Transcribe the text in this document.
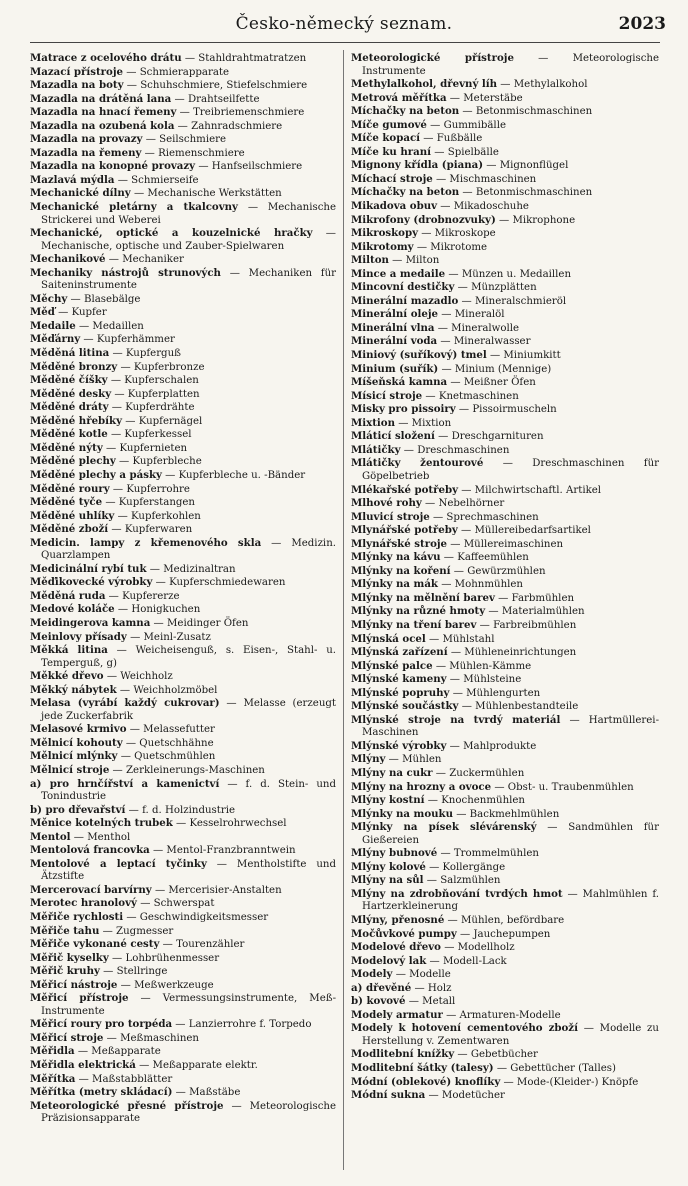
Česko-německý seznam.	2023
Matrace z ocelového drátu — Stahldrahtmatratzen
Mazací přístroje — Schmierapparate
Mazadla na boty — Schuhschmiere, Stiefelschmiere
Mazadla na drátěná lana — Drahtseilfette
Mazadla na hnací řemeny — Treibriemenschmiere
Mazadla na ozubená kola — Zahnradschmiere
Mazadla na provazy — Seilschmiere
Mazadla na řemeny — Riemenschmiere
Mazadla na konopné provazy — Hanfseilschmiere
Mazlavá mýdla — Schmierseife
Mechanické dílny — Mechanische Werkstätten
Mechanické pletárny a tkalcovny — Mechanische Strickerei und Weberei
Mechanické, optické a kouzelnické hračky — Mechanische, optische und Zauber-Spielwaren
Mechanikové — Mechaniker
Mechaniky nástrojů strunových — Mechaniken für Saiteninstrumente
Měchy — Blasebälge
Měď — Kupfer
Medaile — Medaillen
Měďárny — Kupferhämmer
Měděná litina — Kupferguß
Měděné bronzy — Kupferbronze
Měděné číšky — Kupferschalen
Měděné desky — Kupferplatten
Měděné dráty — Kupferdrähte
Měděné hřebíky — Kupfernägel
Měděné kotle — Kupferkessel
Měděné nýty — Kupfernieten
Měděné plechy — Kupferbleche
Měděné plechy a pásky — Kupferbleche u. -Bänder
Měděné roury — Kupferrohre
Měděné tyče — Kupferstangen
Měděné uhlíky — Kupferkohlen
Měděné zboží — Kupferwaren
Medicin. lampy z křemenového skla — Medizin. Quarzlampen
Medicinální rybí tuk — Medizinaltran
Měďikovecké výrobky — Kupferschmiedewaren
Měděná ruda — Kupfererze
Medové koláče — Honigkuchen
Meidingerova kamna — Meidinger Öfen
Meinlovy přísady — Meinl-Zusatz
Měkká litina — Weicheisenguß, s. Eisen-, Stahl- u. Temperguß, g)
Měkké dřevo — Weichholz
Měkký nábytek — Weichholzmöbel
Melasa (vyrábí každý cukrovar) — Melasse (erzeugt jede Zuckerfabrik
Melasové krmivo — Melassefutter
Mělnicí kohouty — Quetschhähne
Mělnicí mlýnky — Quetschmühlen
Mělnicí stroje — Zerkleinerungs-Maschinen
a) pro hrnčířství a kamenictví — f. d. Stein- und Tonindustrie
b) pro dřevařství — f. d. Holzindustrie
Měnice kotelných trubek — Kesselrohrwechsel
Mentol — Menthol
Mentolová francovka — Mentol-Franzbranntwein
Mentolové a leptací tyčinky — Mentholstifte und Ätzstifte
Mercerovací barvírny — Mercerisier-Anstalten
Merotec hranolový — Schwerspat
Měřiče rychlosti — Geschwindigkeitsmesser
Měřiče tahu — Zugmesser
Měřiče vykonané cesty — Tourenzähler
Měřič kyselky — Lohbrühenmesser
Měřič kruhy — Stellringe
Měřicí nástroje — Meßwerkzeuge
Měřicí přístroje — Vermessungsinstrumente, Meß-Instrumente
Měřicí roury pro torpéda — Lanzierrohre f. Torpedo
Měřicí stroje — Meßmaschinen
Měřidla — Meßapparate
Měřidla elektrická — Meßapparate elektr.
Měřítka — Maßstabblätter
Měřítka (metry skládací) — Maßstäbe
Meteorologické přesné přístroje — Meteorologische Präzisionsapparate
Meteorologické přístroje — Meteorologische Instrumente
Methylalkohol, dřevný líh — Methylalkohol
Metrová měřítka — Meterstäbe
Míchačky na beton — Betonmischmaschinen
Míče gumové — Gummibälle
Míče kopací — Fußbälle
Míče ku hraní — Spielbälle
Mignony křídla (piana) — Mignonflügel
Míchací stroje — Mischmaschinen
Míchačky na beton — Betonmischmaschinen
Mikadova obuv — Mikadoschuhe
Mikrofony (drobnozvuky) — Mikrophone
Mikroskopy — Mikroskope
Mikrotomy — Mikrotome
Milton — Milton
Mince a medaile — Münzen u. Medaillen
Mincovní destičky — Münzplätten
Minerální mazadlo — Mineralschmieröl
Minerální oleje — Mineralöl
Minerální vlna — Mineralwolle
Minerální voda — Mineralwasser
Miniový (suříkový) tmel — Miniumkitt
Minium (suřík) — Minium (Mennige)
Míšeňská kamna — Meißner Öfen
Mísicí stroje — Knetmaschinen
Misky pro pissoiry — Pissoirmuscheln
Mixtion — Mixtion
Mláticí složení — Dreschgarnituren
Mlátičky — Dreschmaschinen
Mlátičky žentourové — Dreschmaschinen für Göpelbetrieb
Mlékařské potřeby — Milchwirtschaftl. Artikel
Mlhové rohy — Nebelhörner
Mluvicí stroje — Sprechmaschinen
Mlynářské potřeby — Müllereibedarfsartikel
Mlynářské stroje — Müllereimaschinen
Mlýnky na kávu — Kaffeemühlen
Mlýnky na koření — Gewürzmühlen
Mlýnky na mák — Mohnmühlen
Mlýnky na mělnění barev — Farbmühlen
Mlýnky na různé hmoty — Materialmühlen
Mlýnky na tření barev — Farbreibmühlen
Mlýnská ocel — Mühlstahl
Mlýnská zařízení — Mühleneinrichtungen
Mlýnské palce — Mühlen-Kämme
Mlýnské kameny — Mühlsteine
Mlýnské popruhy — Mühlengurten
Mlýnské součástky — Mühlenbestandteile
Mlýnské stroje na tvrdý materiál — Hartmüllerei-Maschinen
Mlýnské výrobky — Mahlprodukte
Mlýny — Mühlen
Mlýny na cukr — Zuckermühlen
Mlýny na hrozny a ovoce — Obst- u. Traubenmühlen
Mlýny kostní — Knochenmühlen
Mlýnky na mouku — Backmehlmühlen
Mlýnky na písek slévárenský — Sandmühlen für Gießereien
Mlýny bubnové — Trommelmühlen
Mlýny kolové — Kollergänge
Mlýny na sůl — Salzmühlen
Mlýny na zdrobňování tvrdých hmot — Mahlmühlen f. Hartzerkleinerung
Mlýny, přenosné — Mühlen, befördbare
Močůvkové pumpy — Jauchepumpen
Modelové dřevo — Modellholz
Modelový lak — Modell-Lack
Modely — Modelle
a) dřevěné — Holz
b) kovové — Metall
Modely armatur — Armaturen-Modelle
Modely k hotovení cementového zboží — Modelle zu Herstellung v. Zementwaren
Modlitební knížky — Gebetbücher
Modlitební šátky (talesy) — Gebettücher (Talles)
Módní (oblekové) knoflíky — Mode-(Kleider-) Knöpfe
Módní sukna — Modetücher
